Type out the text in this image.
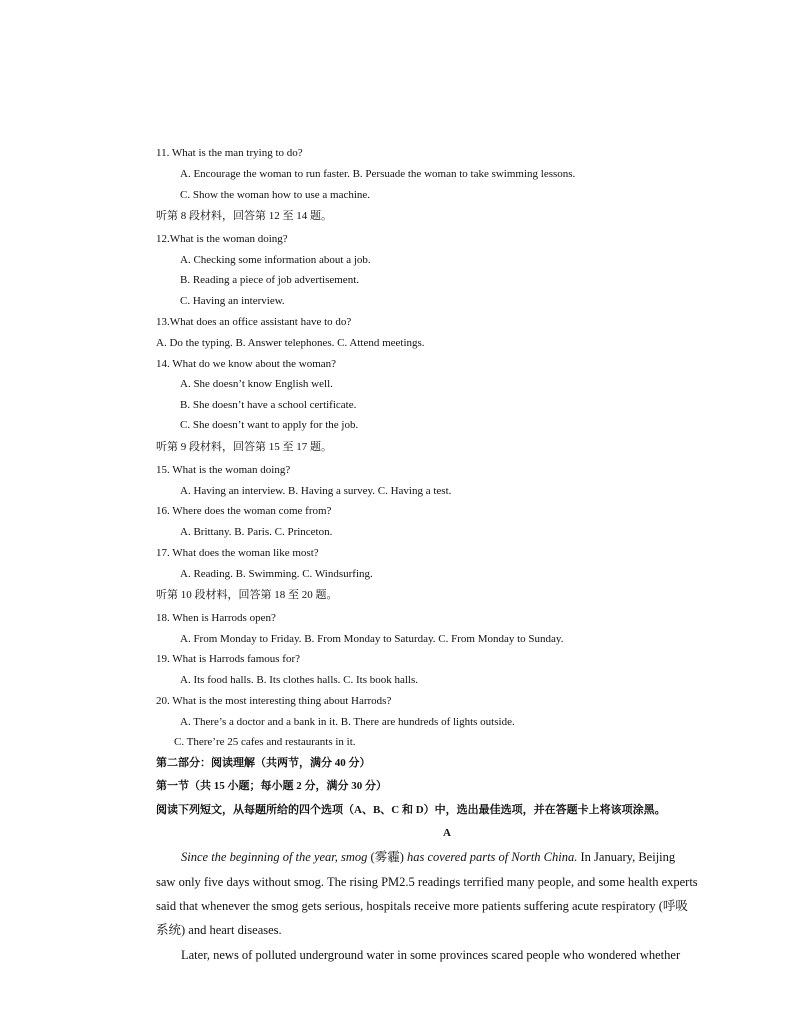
11. What is the man trying to do?
A. Encourage the woman to run faster. B. Persuade the woman to take swimming lessons.
C. Show the woman how to use a machine.
听第 8 段材料，回答第 12 至 14 题。
12.What is the woman doing?
A. Checking some information about a job.
B. Reading a piece of job advertisement.
C. Having an interview.
13.What does an office assistant have to do?
A. Do the typing. B. Answer telephones. C. Attend meetings.
14. What do we know about the woman?
A. She doesn’t know English well.
B. She doesn’t have a school certificate.
C. She doesn’t want to apply for the job.
听第 9 段材料，回答第 15 至 17 题。
15. What is the woman doing?
A. Having an interview. B. Having a survey. C. Having a test.
16. Where does the woman come from?
A. Brittany. B. Paris. C. Princeton.
17. What does the woman like most?
A. Reading. B. Swimming. C. Windsurfing.
听第 10 段材料，回答第 18 至 20 题。
18. When is Harrods open?
A. From Monday to Friday. B. From Monday to Saturday. C. From Monday to Sunday.
19. What is Harrods famous for?
A. Its food halls. B. Its clothes halls. C. Its book halls.
20. What is the most interesting thing about Harrods?
A. There’s a doctor and a bank in it. B. There are hundreds of lights outside.
C. There’re 25 cafes and restaurants in it.
第二部分：阅读理解（共两节，满分 40 分）
第一节（共 15 小题；每小题 2 分，满分 30 分）
阅读下列短文，从每题所给的四个选项（A、B、C 和 D）中，选出最佳选项，并在答题卡上将该项涂黑。
A
Since the beginning of the year, smog (雾霾) has covered parts of North China. In January, Beijing
saw only five days without smog. The rising PM2.5 readings terrified many people, and some health experts
said that whenever the smog gets serious, hospitals receive more patients suffering acute respiratory (呼吸
系统) and heart diseases.
Later, news of polluted underground water in some provinces scared people who wondered whether
